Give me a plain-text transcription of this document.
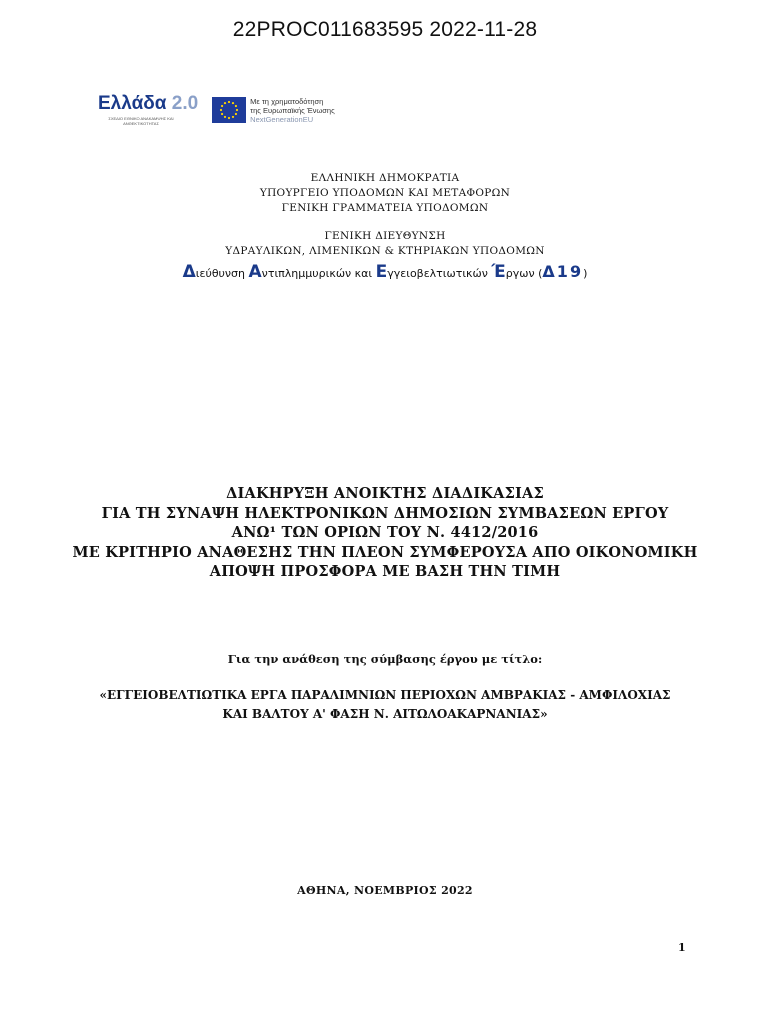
22PROC011683595 2022-11-28
Ελλάδα 2.0
ΣΧΕΔΙΟ ΕΘΝΙΚΟ ΑΝΑΚΑΜΨΗΣ ΚΑΙ ΑΝΘΕΚΤΙΚΟΤΗΤΑΣ
Με τη χρηματοδότηση
της Ευρωπαϊκής Ένωσης
NextGenerationEU
ΕΛΛΗΝΙΚΗ ΔΗΜΟΚΡΑΤΙΑ
ΥΠΟΥΡΓΕΙΟ ΥΠΟΔΟΜΩΝ ΚΑΙ ΜΕΤΑΦΟΡΩΝ
ΓΕΝΙΚΗ ΓΡΑΜΜΑΤΕΙΑ ΥΠΟΔΟΜΩΝ
ΓΕΝΙΚΗ ΔΙΕΥΘΥΝΣΗ
ΥΔΡΑΥΛΙΚΩΝ, ΛΙΜΕΝΙΚΩΝ & ΚΤΗΡΙΑΚΩΝ ΥΠΟΔΟΜΩΝ
Διεύθυνση Αντιπλημμυρικών και Εγγειοβελτιωτικών Έργων (Δ19)
ΔΙΑΚΗΡΥΞΗ ΑΝΟΙΚΤΗΣ ΔΙΑΔΙΚΑΣΙΑΣ
ΓΙΑ ΤΗ ΣΥΝΑΨΗ ΗΛΕΚΤΡΟΝΙΚΩΝ ΔΗΜΟΣΙΩΝ ΣΥΜΒΑΣΕΩΝ ΕΡΓΟΥ
ΑΝΩ¹ ΤΩΝ ΟΡΙΩΝ ΤΟΥ Ν. 4412/2016
ΜΕ ΚΡΙΤΗΡΙΟ ΑΝΑΘΕΣΗΣ ΤΗΝ ΠΛΕΟΝ ΣΥΜΦΕΡΟΥΣΑ ΑΠΟ ΟΙΚΟΝΟΜΙΚΗ
ΑΠΟΨΗ ΠΡΟΣΦΟΡΑ ΜΕ ΒΑΣΗ ΤΗΝ ΤΙΜΗ
Για την ανάθεση της σύμβασης έργου με τίτλο:
«ΕΓΓΕΙΟΒΕΛΤΙΩΤΙΚΑ ΕΡΓΑ ΠΑΡΑΛΙΜΝΙΩΝ ΠΕΡΙΟΧΩΝ ΑΜΒΡΑΚΙΑΣ - ΑΜΦΙΛΟΧΙΑΣ
ΚΑΙ ΒΑΛΤΟΥ Α' ΦΑΣΗ Ν. ΑΙΤΩΛΟΑΚΑΡΝΑΝΙΑΣ»
ΑΘΗΝΑ, ΝΟΕΜΒΡΙΟΣ 2022
1
